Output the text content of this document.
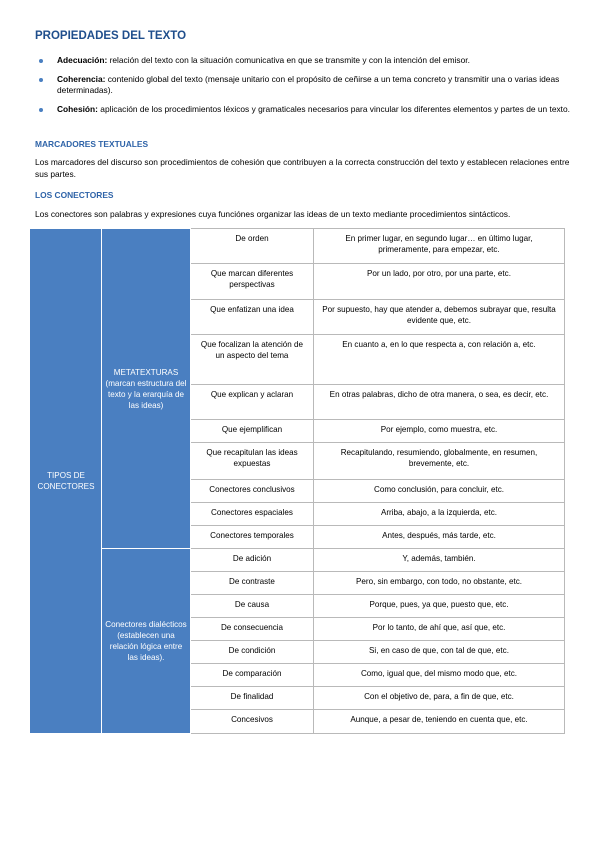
PROPIEDADES DEL TEXTO
Adecuación: relación del texto con la situación comunicativa en que se transmite y con la intención del emisor.
Coherencia: contenido global del texto (mensaje unitario con el propósito de ceñirse a un tema concreto y transmitir una o varias ideas determinadas).
Cohesión: aplicación de los procedimientos léxicos y gramaticales necesarios para vincular los diferentes elementos y partes de un texto.
MARCADORES TEXTUALES

Los marcadores del discurso son procedimientos de cohesión que contribuyen a la correcta construcción del texto y establecen relaciones entre sus partes.

LOS CONECTORES

Los conectores son palabras y expresiones cuya funciónes organizar las ideas de un texto mediante procedimientos sintácticos.

TIPOS DE CONECTORES	METATEXTURAS (marcan estructura del texto y la erarquía de las ideas)	De orden	En primer lugar, en segundo lugar… en último lugar, primeramente, para empezar, etc.
		Que marcan diferentes perspectivas	Por un lado, por otro, por una parte, etc.
		Que enfatizan una idea	Por supuesto, hay que atender a, debemos subrayar que, resulta evidente que, etc.
		Que focalizan la atención de un aspecto del tema	En cuanto a, en lo que respecta a, con relación a, etc.
		Que explican y aclaran	En otras palabras, dicho de otra manera, o sea, es decir, etc.
		Que ejemplifican	Por ejemplo, como muestra, etc.
		Que recapitulan las ideas expuestas	Recapitulando, resumiendo, globalmente, en resumen, brevemente, etc.
		Conectores conclusivos	Como conclusión, para concluir, etc.
		Conectores espaciales	Arriba, abajo, a la izquierda, etc.
		Conectores temporales	Antes, después, más tarde, etc.
	Conectores dialécticos (establecen una relación lógica entre las ideas).	De adición	Y, además, también.
		De contraste	Pero, sin embargo, con todo, no obstante, etc.
		De causa	Porque, pues, ya que, puesto que, etc.
		De consecuencia	Por lo tanto, de ahí que, así que, etc.
		De condición	Si, en caso de que, con tal de que, etc.
		De comparación	Como, igual que, del mismo modo que, etc.
		De finalidad	Con el objetivo de, para, a fin de que, etc.
		Concesivos	Aunque, a pesar de, teniendo en cuenta que, etc.
